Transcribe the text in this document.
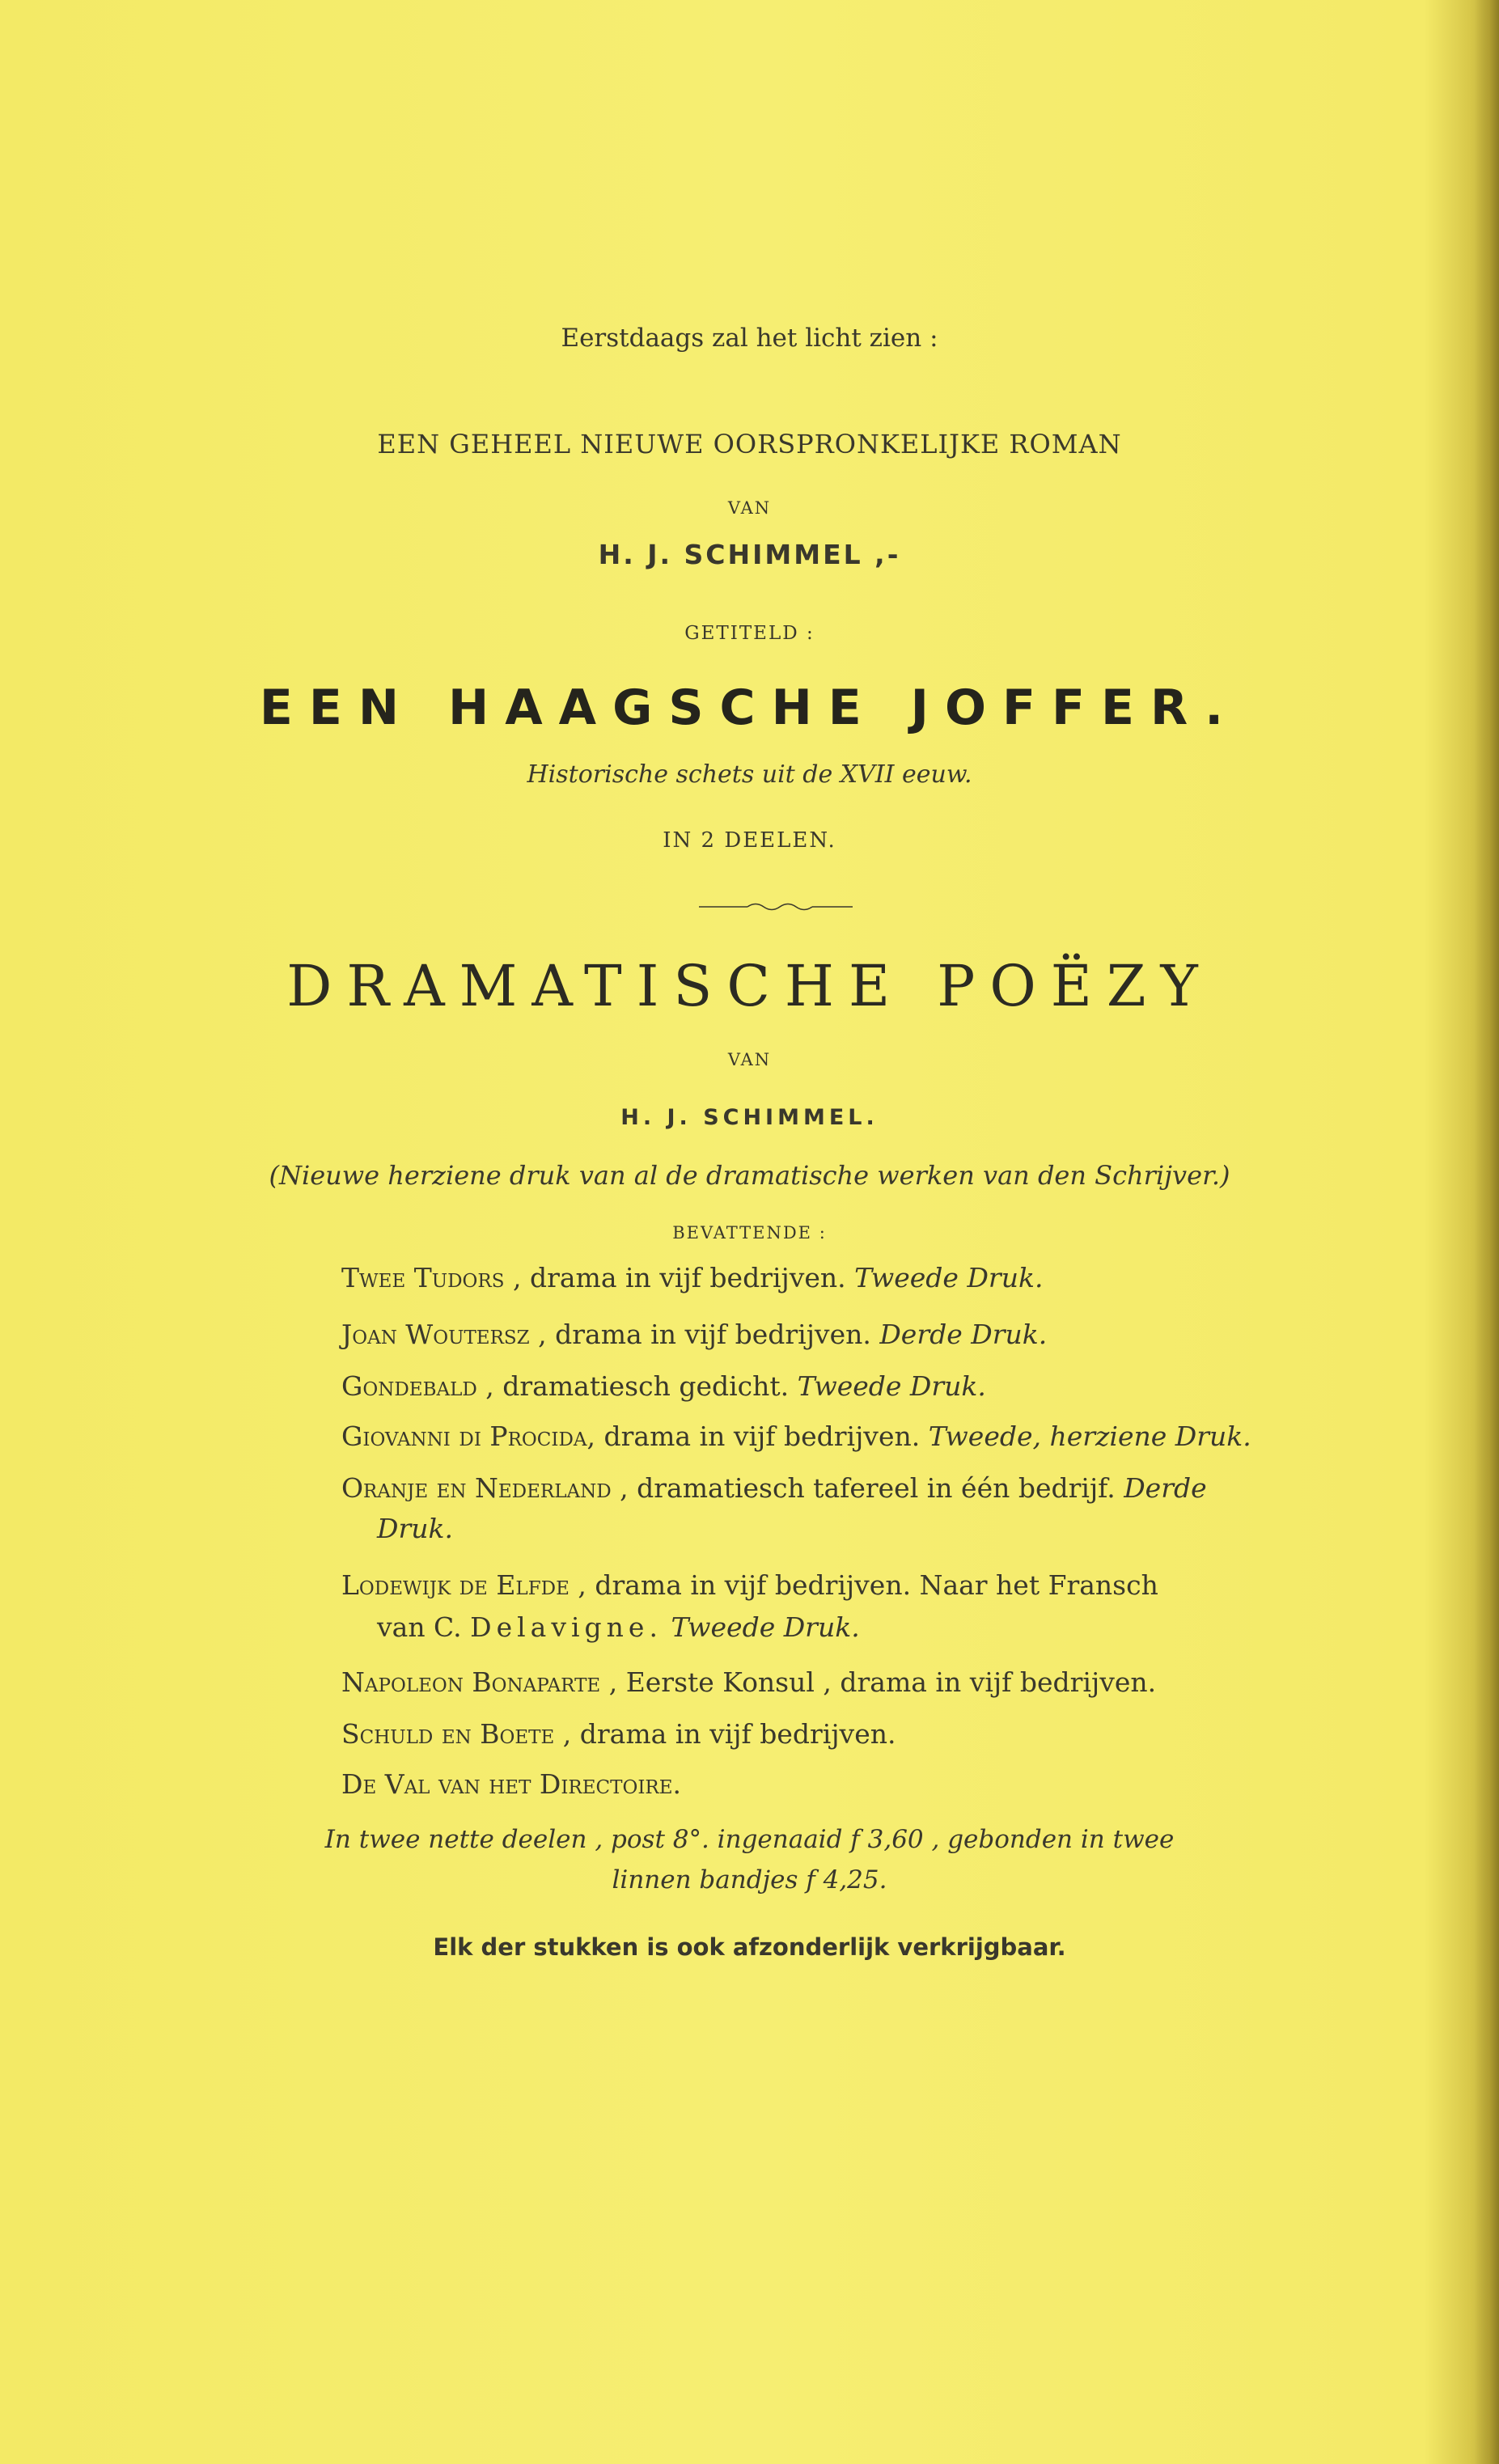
Eerstdaags zal het licht zien :
EEN GEHEEL NIEUWE OORSPRONKELIJKE ROMAN
VAN
H. J. SCHIMMEL ,-
GETITELD :
EEN HAAGSCHE JOFFER.
Historische schets uit de XVII eeuw.
IN 2 DEELEN.
DRAMATISCHE POËZY
VAN
H. J. SCHIMMEL.
(Nieuwe herziene druk van al de dramatische werken van den Schrijver.)
BEVATTENDE :
Twee Tudors , drama in vijf bedrijven. Tweede Druk.
Joan Woutersz , drama in vijf bedrijven. Derde Druk.
Gondebald , dramatiesch gedicht. Tweede Druk.
Giovanni di Procida, drama in vijf bedrijven. Tweede, herziene Druk.
Oranje en Nederland , dramatiesch tafereel in één bedrijf. Derde
Druk.
Lodewijk de Elfde , drama in vijf bedrijven. Naar het Fransch
van C. Delavigne. Tweede Druk.
Napoleon Bonaparte , Eerste Konsul , drama in vijf bedrijven.
Schuld en Boete , drama in vijf bedrijven.
De Val van het Directoire.
In twee nette deelen , post 8°. ingenaaid f 3,60 , gebonden in twee
linnen bandjes f 4,25.
Elk der stukken is ook afzonderlijk verkrijgbaar.
